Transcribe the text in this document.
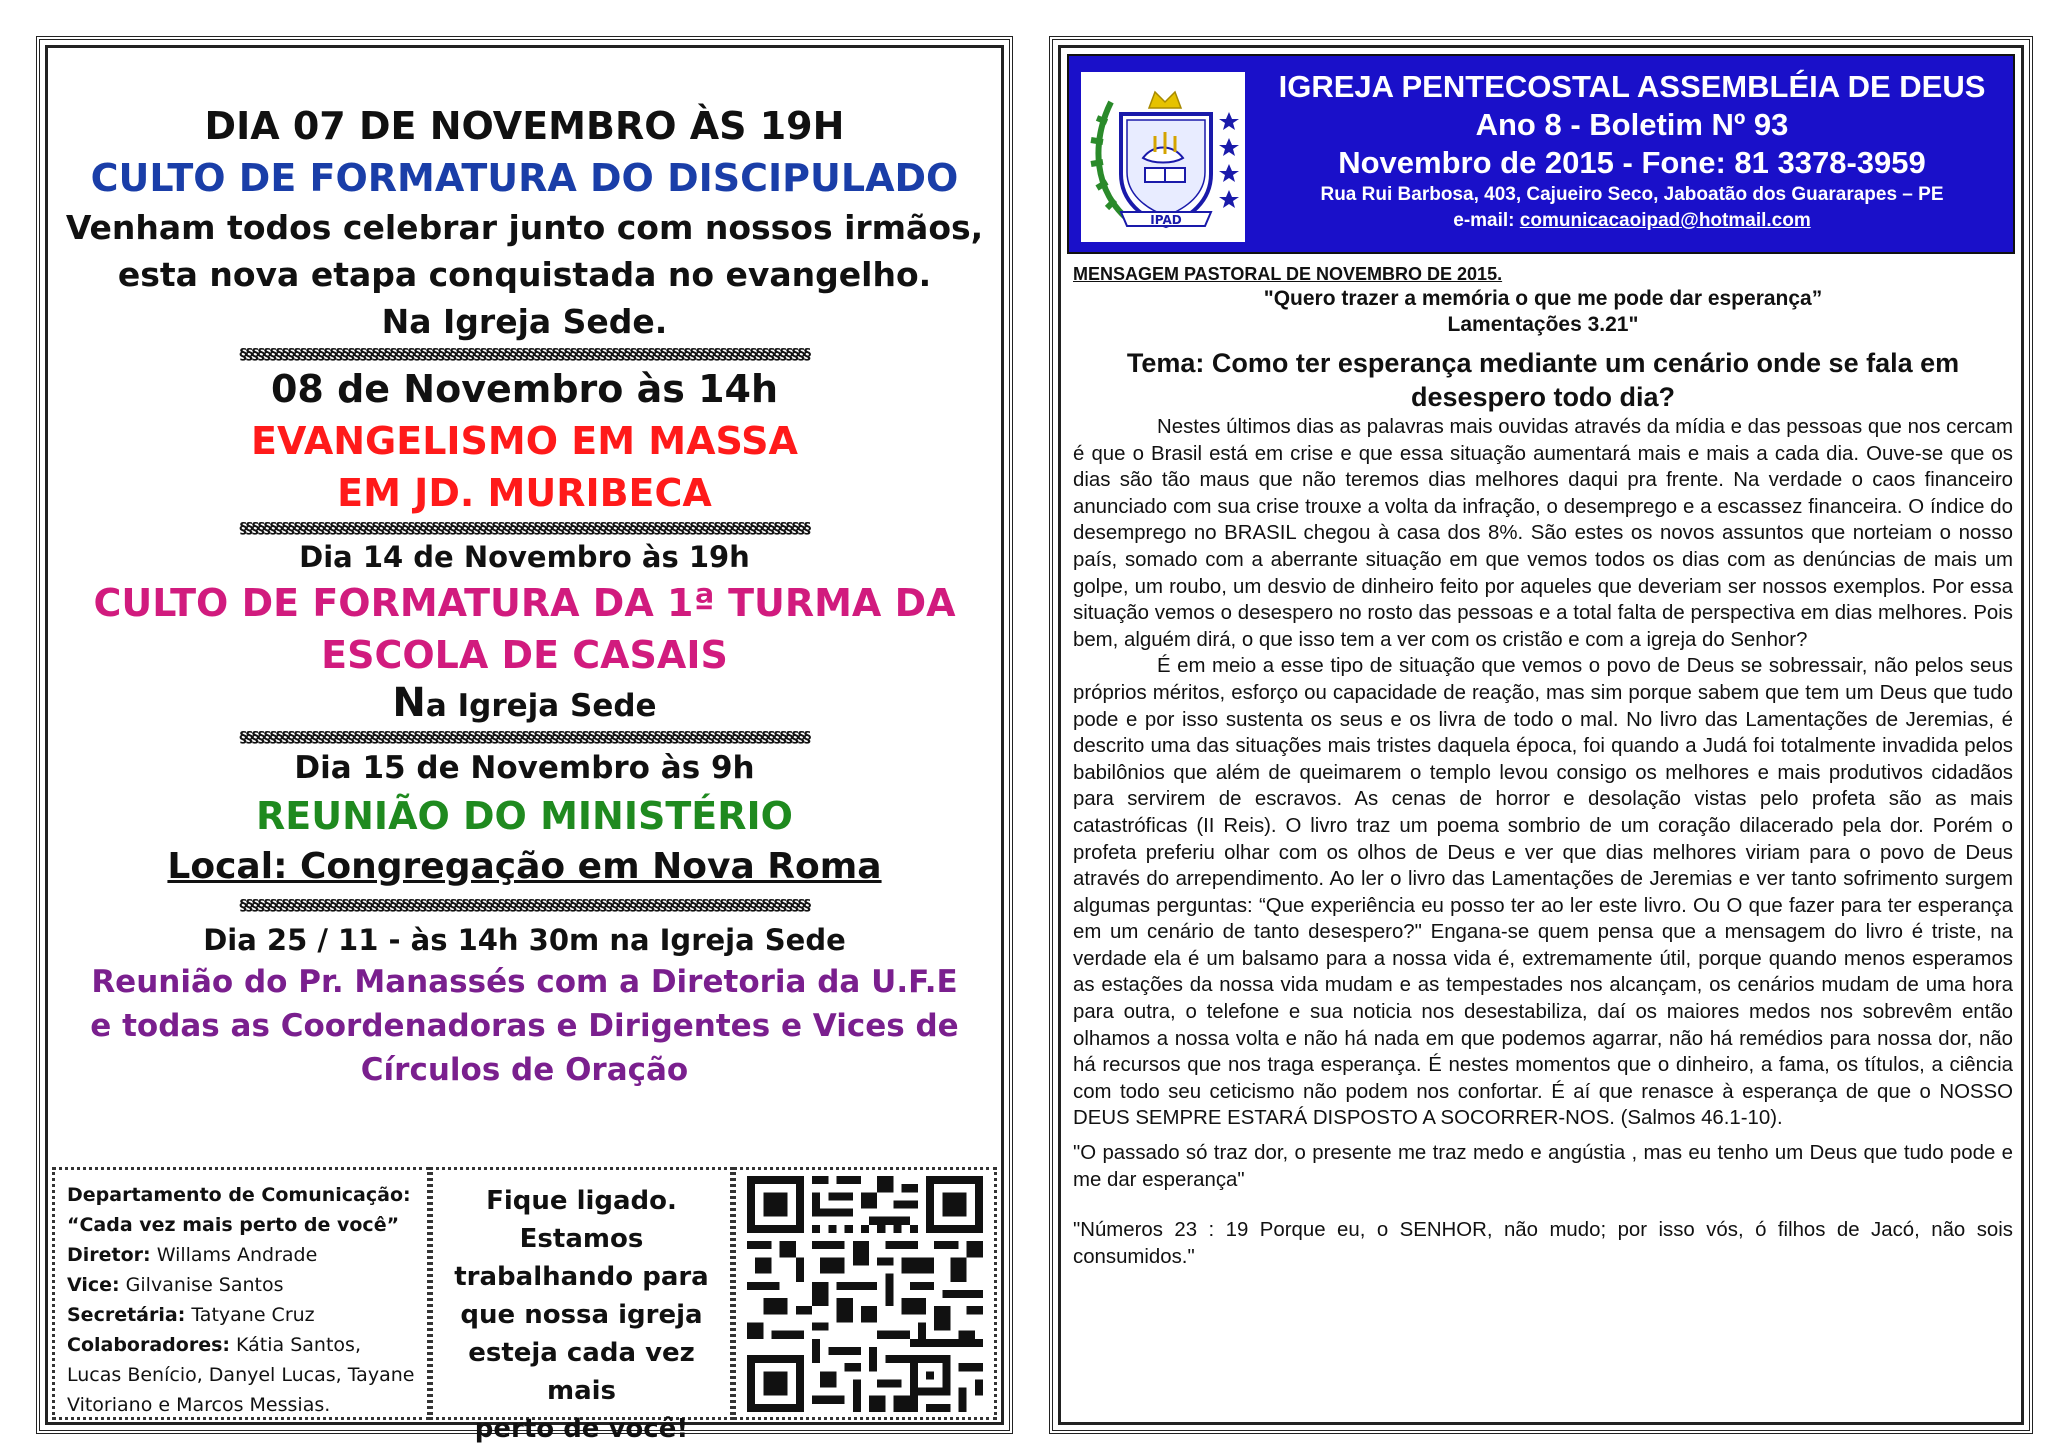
DIA 07 DE NOVEMBRO ÀS 19H
CULTO DE FORMATURA DO DISCIPULADO
Venham todos celebrar junto com nossos irmãos,
esta nova etapa conquistada no evangelho.
Na Igreja Sede.
§§§§§§§§§§§§§§§§§§§§§§§§§§§§§§§§§§§§§§§§§§§§§§§§§§§§§§§§§§§§§§§§§§§§§§§§§§§§§§§§§§§§§§§§§§§§§§§
08 de Novembro às 14h
EVANGELISMO EM MASSA
EM JD. MURIBECA
§§§§§§§§§§§§§§§§§§§§§§§§§§§§§§§§§§§§§§§§§§§§§§§§§§§§§§§§§§§§§§§§§§§§§§§§§§§§§§§§§§§§§§§§§§§§§§§
Dia 14 de Novembro às 19h
CULTO DE FORMATURA DA 1ª TURMA DA
ESCOLA DE CASAIS
Na Igreja Sede
§§§§§§§§§§§§§§§§§§§§§§§§§§§§§§§§§§§§§§§§§§§§§§§§§§§§§§§§§§§§§§§§§§§§§§§§§§§§§§§§§§§§§§§§§§§§§§§
Dia 15 de Novembro às 9h
REUNIÃO DO MINISTÉRIO
Local: Congregação em Nova Roma
§§§§§§§§§§§§§§§§§§§§§§§§§§§§§§§§§§§§§§§§§§§§§§§§§§§§§§§§§§§§§§§§§§§§§§§§§§§§§§§§§§§§§§§§§§§§§§§
Dia 25 / 11 - às 14h 30m na Igreja Sede
Reunião do Pr. Manassés com a Diretoria da U.F.E
e todas as Coordenadoras e Dirigentes e Vices de
Círculos de Oração
Departamento de Comunicação:
“Cada vez mais perto de você”
Diretor: Willams Andrade
Vice: Gilvanise Santos
Secretária: Tatyane Cruz
Colaboradores: Kátia Santos, Lucas Benício, Danyel Lucas, Tayane Vitoriano e Marcos Messias.
Fique ligado.
Estamos
trabalhando para
que nossa igreja
esteja cada vez mais
perto de você!
IPAD
IGREJA PENTECOSTAL ASSEMBLÉIA DE DEUS
Ano 8 - Boletim Nº 93
Novembro de 2015 - Fone: 81 3378-3959
Rua Rui Barbosa, 403, Cajueiro Seco, Jaboatão dos Guararapes – PE
e-mail: comunicacaoipad@hotmail.com
MENSAGEM PASTORAL DE NOVEMBRO DE 2015.
"Quero trazer a memória o que me pode dar esperança”
Lamentações 3.21"
Tema: Como ter esperança mediante um cenário onde se fala em
desespero todo dia?

Nestes últimos dias as palavras mais ouvidas através da mídia e das pessoas que nos cercam é que o Brasil está em crise e que essa situação aumentará mais e mais a cada dia. Ouve-se que os dias são tão maus que não teremos dias melhores daqui pra frente. Na verdade o caos financeiro anunciado com sua crise trouxe a volta da infração, o desemprego e a escassez financeira. O índice do desemprego no BRASIL chegou à casa dos 8%. São estes os novos assuntos que norteiam o nosso país, somado com a aberrante situação em que vemos todos os dias com as denúncias de mais um golpe, um roubo, um desvio de dinheiro feito por aqueles que deveriam ser nossos exemplos. Por essa situação vemos o desespero no rosto das pessoas e a total falta de perspectiva em dias melhores. Pois bem, alguém dirá, o que isso tem a ver com os cristão e com a igreja do Senhor?

É em meio a esse tipo de situação que vemos o povo de Deus se sobressair, não pelos seus próprios méritos, esforço ou capacidade de reação, mas sim porque sabem que tem um Deus que tudo pode e por isso sustenta os seus e os livra de todo o mal. No livro das Lamentações de Jeremias, é descrito uma das situações mais tristes daquela época, foi quando a Judá foi totalmente invadida pelos babilônios que além de queimarem o templo levou consigo os melhores e mais produtivos cidadãos para servirem de escravos. As cenas de horror e desolação vistas pelo profeta são as mais catastróficas (II Reis). O livro traz um poema sombrio de um coração dilacerado pela dor. Porém o profeta preferiu olhar com os olhos de Deus e ver que dias melhores viriam para o povo de Deus através do arrependimento. Ao ler o livro das Lamentações de Jeremias e ver tanto sofrimento surgem algumas perguntas: “Que experiência eu posso ter ao ler este livro. Ou O que fazer para ter esperança em um cenário de tanto desespero?" Engana-se quem pensa que a mensagem do livro é triste, na verdade ela é um balsamo para a nossa vida é, extremamente útil, porque quando menos esperamos as estações da nossa vida mudam e as tempestades nos alcançam, os cenários mudam de uma hora para outra, o telefone e sua noticia nos desestabiliza, daí os maiores medos nos sobrevêm então olhamos a nossa volta e não há nada em que podemos agarrar, não há remédios para nossa dor, não há recursos que nos traga esperança. É nestes momentos que o dinheiro, a fama, os títulos, a ciência com todo seu ceticismo não podem nos confortar. É aí que renasce à esperança de que o NOSSO DEUS SEMPRE ESTARÁ DISPOSTO A SOCORRER-NOS. (Salmos 46.1-10).

"O passado só traz dor, o presente me traz medo e angústia , mas eu tenho um Deus que tudo pode e me dar esperança"

"Números 23 : 19 Porque eu, o SENHOR, não mudo; por isso vós, ó filhos de Jacó, não sois consumidos."
